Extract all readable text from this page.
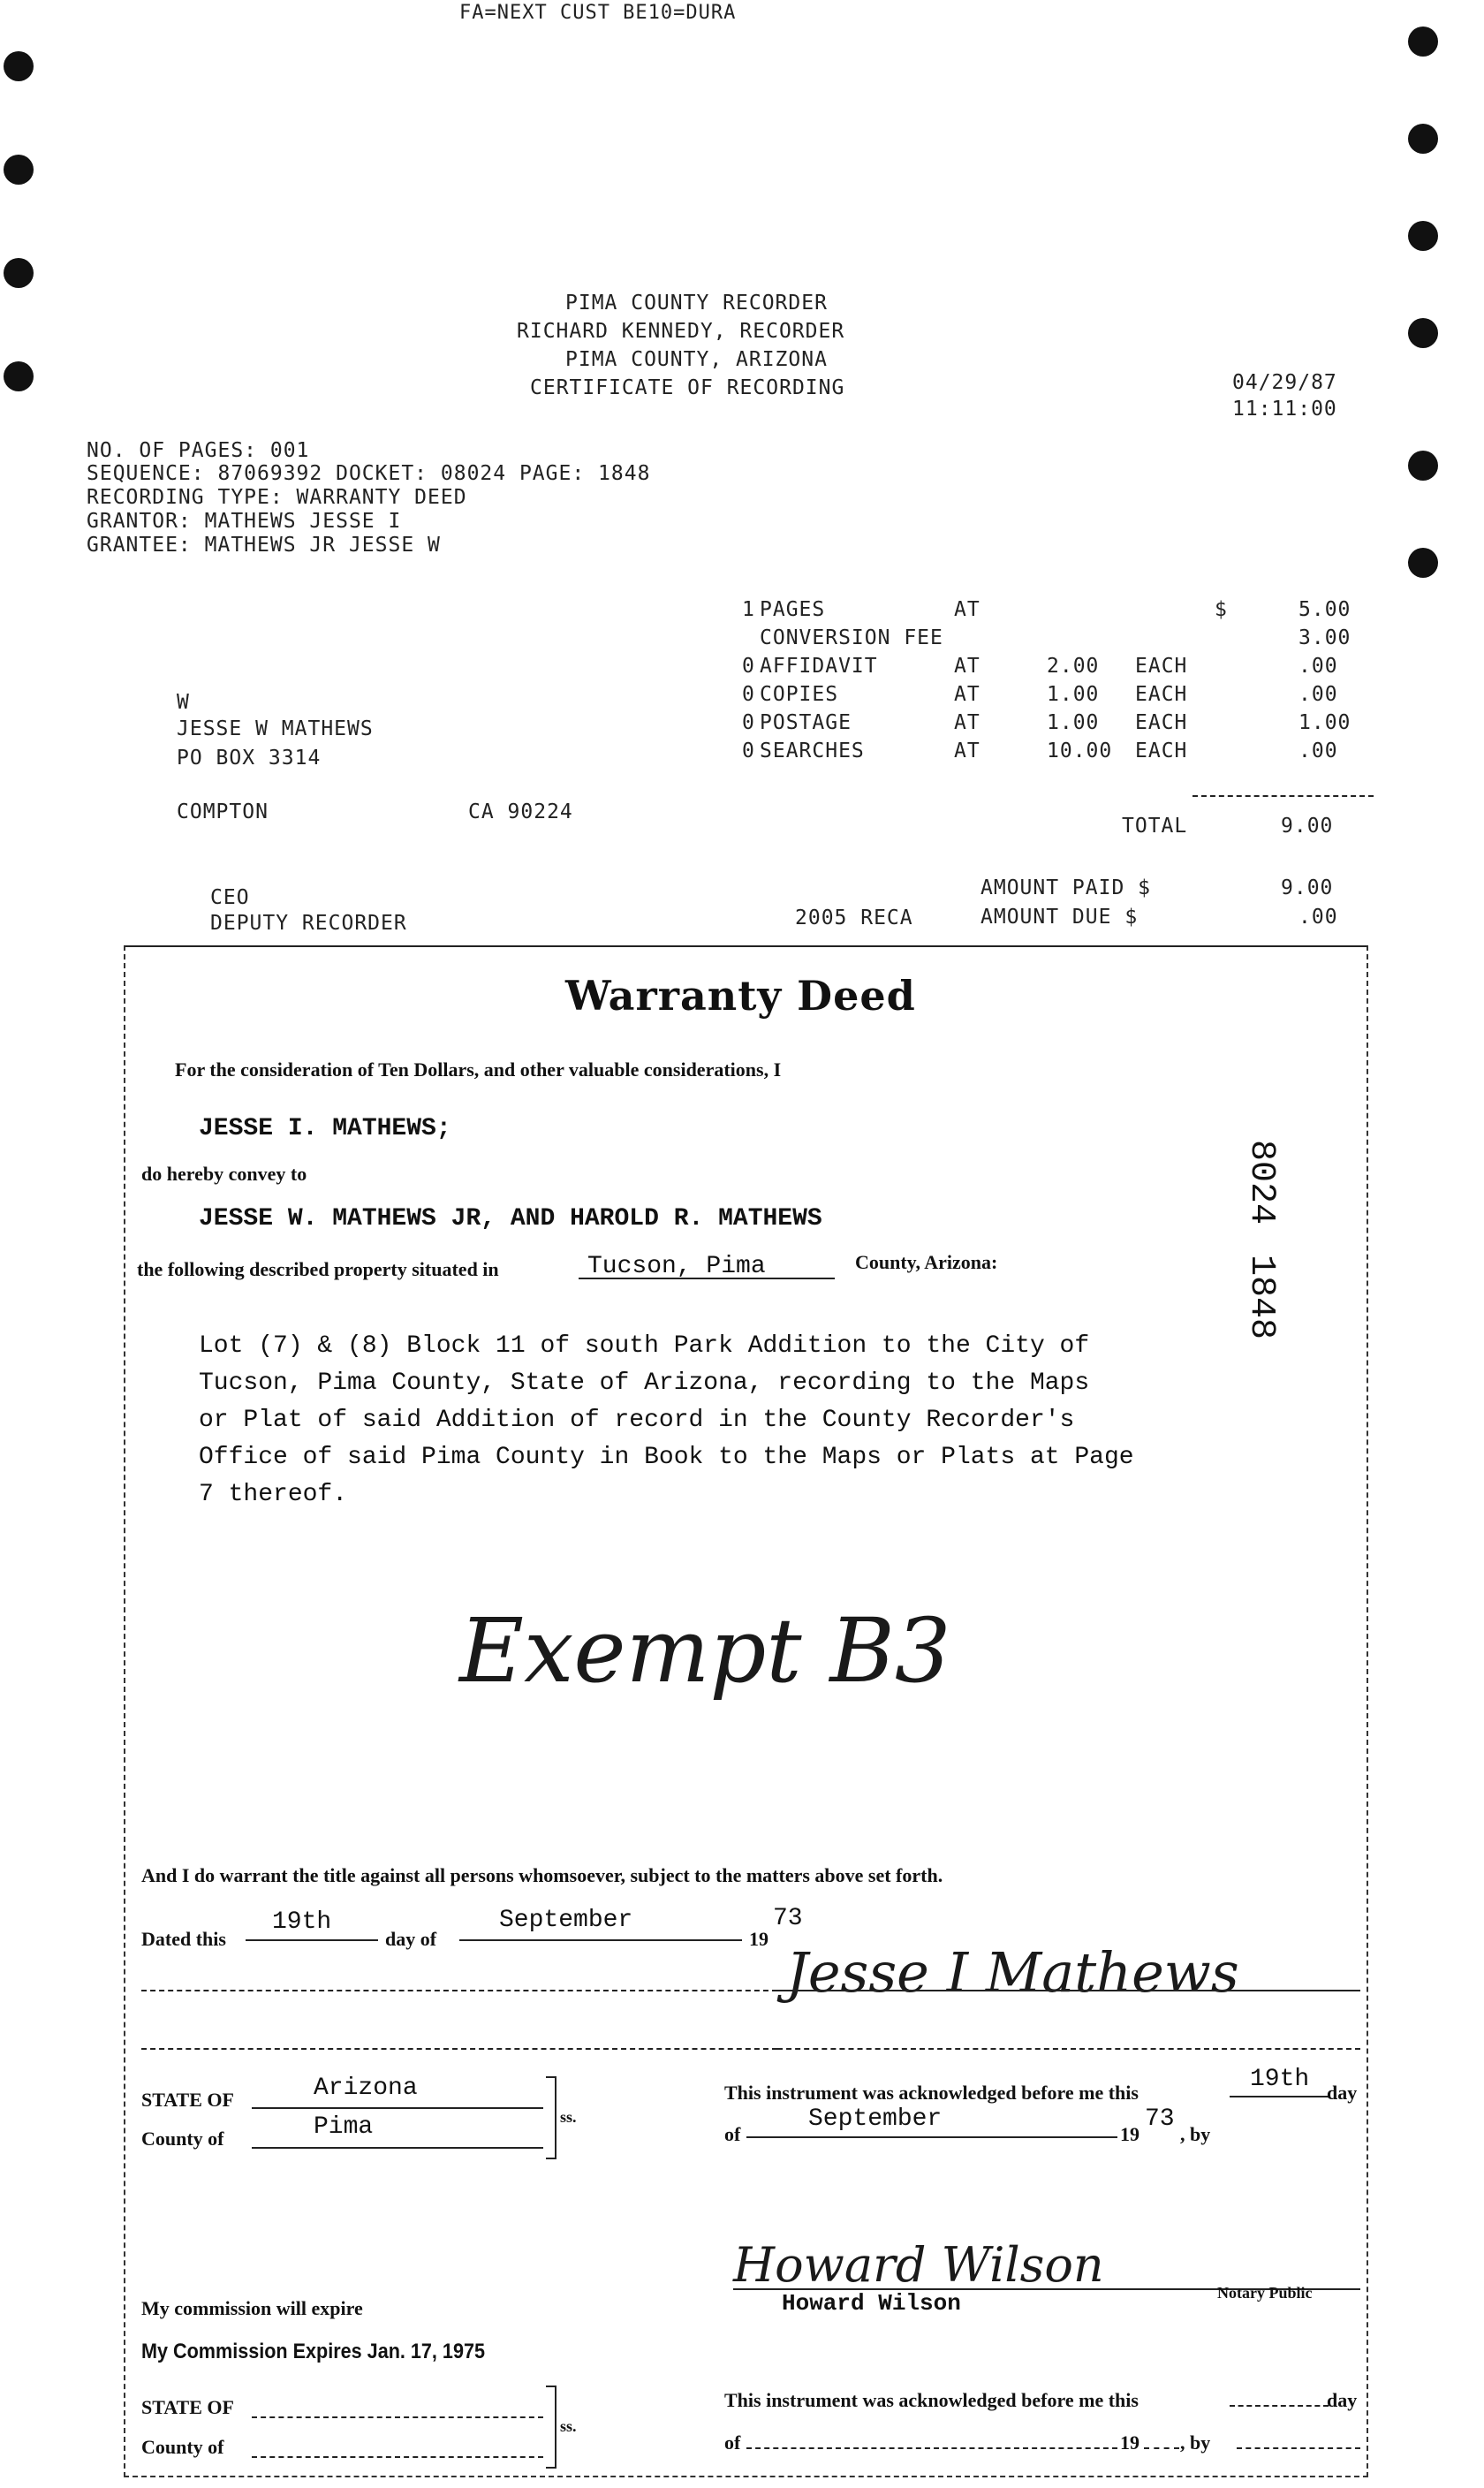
FA=NEXT CUST BE10=DURA
PIMA COUNTY RECORDER
RICHARD KENNEDY, RECORDER
PIMA COUNTY, ARIZONA
CERTIFICATE OF RECORDING	04/29/87
11:11:00
NO. OF PAGES: 001
SEQUENCE: 87069392 DOCKET: 08024 PAGE: 1848
RECORDING TYPE: WARRANTY DEED
GRANTOR: MATHEWS JESSE I
GRANTEE: MATHEWS JR JESSE W
1 PAGES	AT	$	5.00
CONVERSION FEE	3.00
0 AFFIDAVIT	AT	2.00 EACH	.00
0 COPIES	AT	1.00 EACH	.00
0 POSTAGE	AT	1.00 EACH	1.00
0 SEARCHES	AT	10.00 EACH	.00
W
JESSE W MATHEWS
PO BOX 3314
COMPTON	CA 90224
TOTAL	9.00
CEO
DEPUTY RECORDER	2005 RECA
AMOUNT PAID $	9.00
AMOUNT DUE $	.00
Warranty Deed
For the consideration of Ten Dollars, and other valuable considerations, I
JESSE I. MATHEWS;
do hereby convey to
JESSE W. MATHEWS JR, AND HAROLD R. MATHEWS
the following described property situated in	Tucson, Pima	County, Arizona:
8024
1848
Lot (7) & (8) Block 11 of south Park Addition to the City of
Tucson, Pima County, State of Arizona, recording to the Maps
or Plat of said Addition of record in the County Recorder's
Office of said Pima County in Book to the Maps or Plats at Page
7 thereof.
Exempt B3
And I do warrant the title against all persons whomsoever, subject to the matters above set forth.
Dated this
19th
day of
September
19
73
Jesse I Mathews
STATE OF	Arizona
County of	Pima	ss.
This instrument was acknowledged before me this	19th day
of
September
19
73
, by
Howard Wilson
Howard Wilson	Notary Public
My commission will expire
My Commission Expires Jan. 17, 1975
STATE OF
County of
ss.
This instrument was acknowledged before me this	day
of	19 , by
